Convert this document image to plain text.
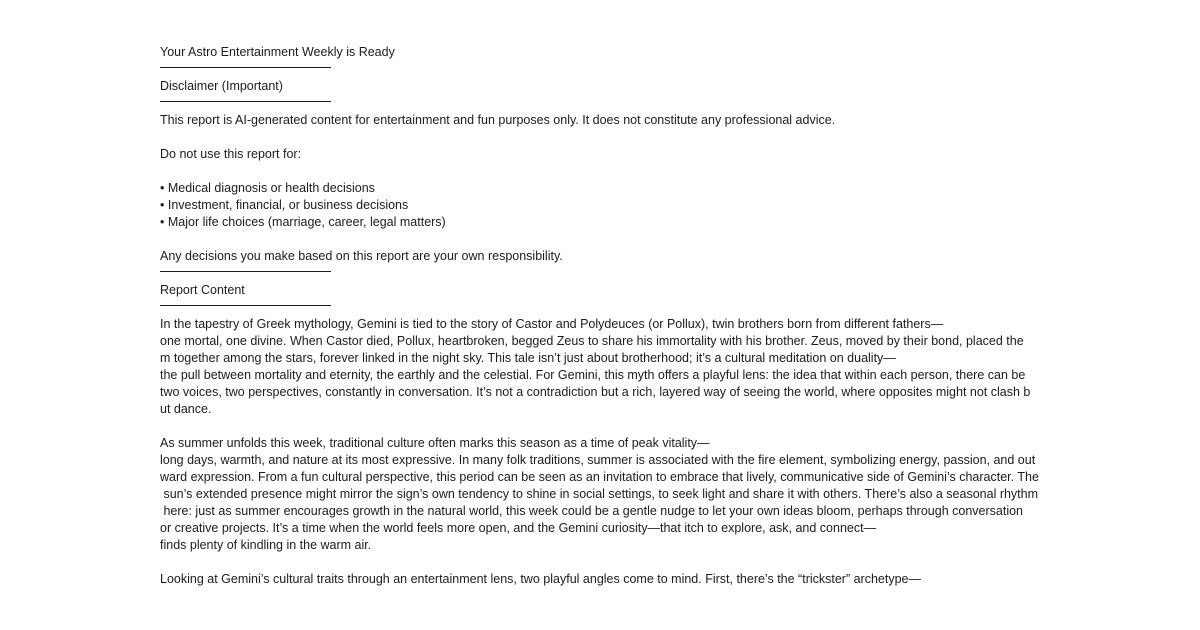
Your Astro Entertainment Weekly is Ready
Disclaimer (Important)
This report is AI-generated content for entertainment and fun purposes only. It does not constitute any professional advice.
Do not use this report for:
• Medical diagnosis or health decisions
• Investment, financial, or business decisions
• Major life choices (marriage, career, legal matters)
Any decisions you make based on this report are your own responsibility.
Report Content
In the tapestry of Greek mythology, Gemini is tied to the story of Castor and Polydeuces (or Pollux), twin brothers born from different fathers—
one mortal, one divine. When Castor died, Pollux, heartbroken, begged Zeus to share his immortality with his brother. Zeus, moved by their bond, placed the
m together among the stars, forever linked in the night sky. This tale isn’t just about brotherhood; it’s a cultural meditation on duality—
the pull between mortality and eternity, the earthly and the celestial. For Gemini, this myth offers a playful lens: the idea that within each person, there can be
two voices, two perspectives, constantly in conversation. It’s not a contradiction but a rich, layered way of seeing the world, where opposites might not clash b
ut dance.
As summer unfolds this week, traditional culture often marks this season as a time of peak vitality—
long days, warmth, and nature at its most expressive. In many folk traditions, summer is associated with the fire element, symbolizing energy, passion, and out
ward expression. From a fun cultural perspective, this period can be seen as an invitation to embrace that lively, communicative side of Gemini’s character. The
sun’s extended presence might mirror the sign’s own tendency to shine in social settings, to seek light and share it with others. There’s also a seasonal rhythm
here: just as summer encourages growth in the natural world, this week could be a gentle nudge to let your own ideas bloom, perhaps through conversation
or creative projects. It’s a time when the world feels more open, and the Gemini curiosity—that itch to explore, ask, and connect—
finds plenty of kindling in the warm air.
Looking at Gemini’s cultural traits through an entertainment lens, two playful angles come to mind. First, there’s the “trickster” archetype—
